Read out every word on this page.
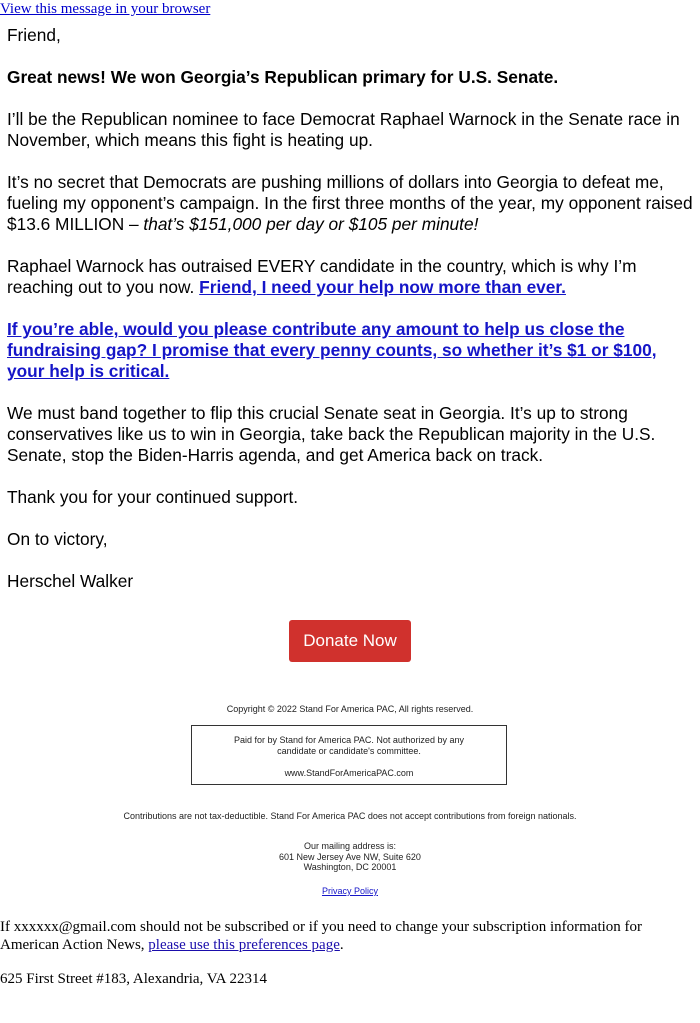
View this message in your browser

Friend,

Great news! We won Georgia’s Republican primary for U.S. Senate.

I’ll be the Republican nominee to face Democrat Raphael Warnock in the Senate race in November, which means this fight is heating up.

It’s no secret that Democrats are pushing millions of dollars into Georgia to defeat me, fueling my opponent’s campaign. In the first three months of the year, my opponent raised $13.6 MILLION – that’s $151,000 per day or $105 per minute!

Raphael Warnock has outraised EVERY candidate in the country, which is why I’m reaching out to you now. Friend, I need your help now more than ever.

If you’re able, would you please contribute any amount to help us close the fundraising gap? I promise that every penny counts, so whether it’s $1 or $100, your help is critical.

We must band together to flip this crucial Senate seat in Georgia. It’s up to strong conservatives like us to win in Georgia, take back the Republican majority in the U.S. Senate, stop the Biden-Harris agenda, and get America back on track.

Thank you for your continued support.

On to victory,

Herschel Walker

Donate Now
Copyright © 2022 Stand For America PAC, All rights reserved.
Paid for by Stand for America PAC. Not authorized by any candidate or candidate's committee.
www.StandForAmericaPAC.com
Contributions are not tax-deductible. Stand For America PAC does not accept contributions from foreign nationals.
Our mailing address is:
601 New Jersey Ave NW, Suite 620
Washington, DC 20001
Privacy Policy
If xxxxxx@gmail.com should not be subscribed or if you need to change your subscription information for American Action News, please use this preferences page.
625 First Street #183, Alexandria, VA 22314
